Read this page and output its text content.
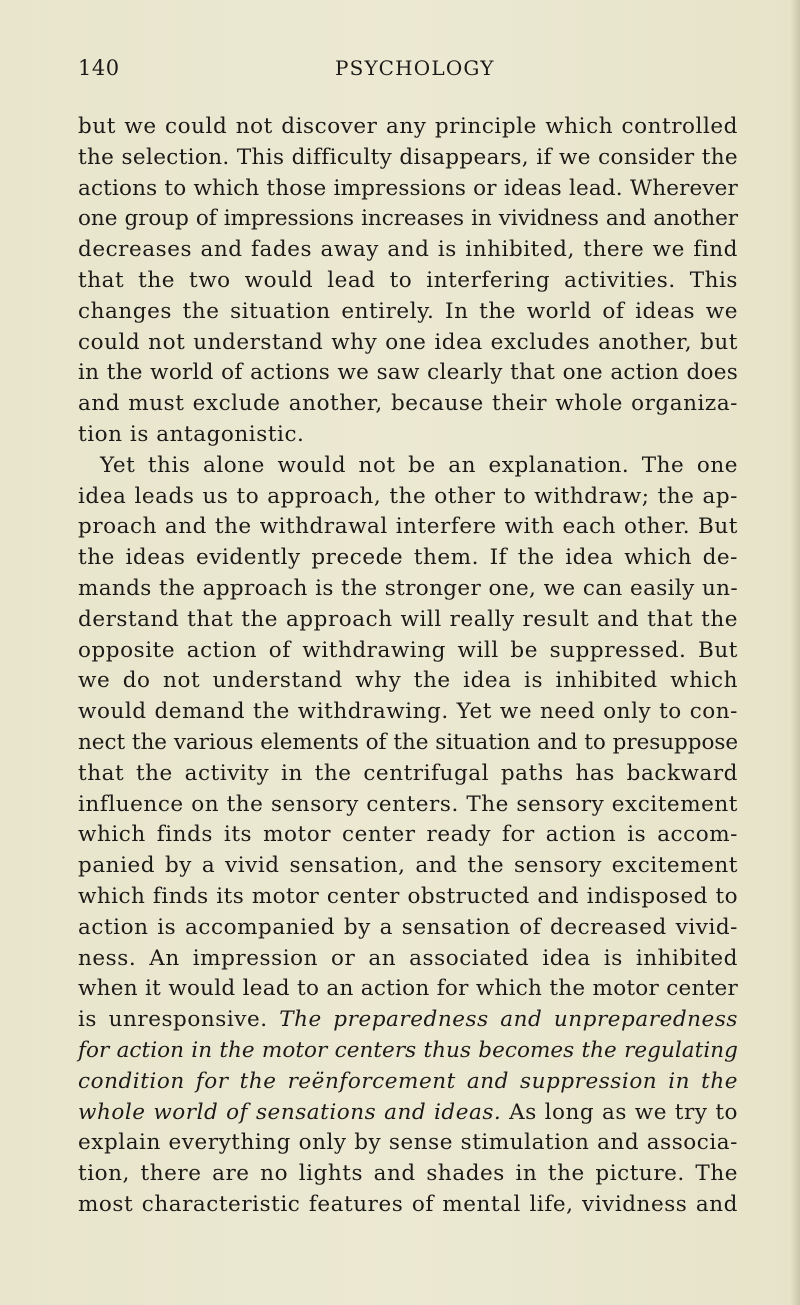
140	PSYCHOLOGY
but we could not discover any principle which controlled
the selection. This difficulty disappears, if we consider the
actions to which those impressions or ideas lead. Wherever
one group of impressions increases in vividness and another
decreases and fades away and is inhibited, there we find
that the two would lead to interfering activities. This
changes the situation entirely. In the world of ideas we
could not understand why one idea excludes another, but
in the world of actions we saw clearly that one action does
and must exclude another, because their whole organiza-
tion is antagonistic.
Yet this alone would not be an explanation. The one
idea leads us to approach, the other to withdraw; the ap-
proach and the withdrawal interfere with each other. But
the ideas evidently precede them. If the idea which de-
mands the approach is the stronger one, we can easily un-
derstand that the approach will really result and that the
opposite action of withdrawing will be suppressed. But
we do not understand why the idea is inhibited which
would demand the withdrawing. Yet we need only to con-
nect the various elements of the situation and to presuppose
that the activity in the centrifugal paths has backward
influence on the sensory centers. The sensory excitement
which finds its motor center ready for action is accom-
panied by a vivid sensation, and the sensory excitement
which finds its motor center obstructed and indisposed to
action is accompanied by a sensation of decreased vivid-
ness. An impression or an associated idea is inhibited
when it would lead to an action for which the motor center
is unresponsive. The preparedness and unpreparedness
for action in the motor centers thus becomes the regulating
condition for the reënforcement and suppression in the
whole world of sensations and ideas. As long as we try to
explain everything only by sense stimulation and associa-
tion, there are no lights and shades in the picture. The
most characteristic features of mental life, vividness and
